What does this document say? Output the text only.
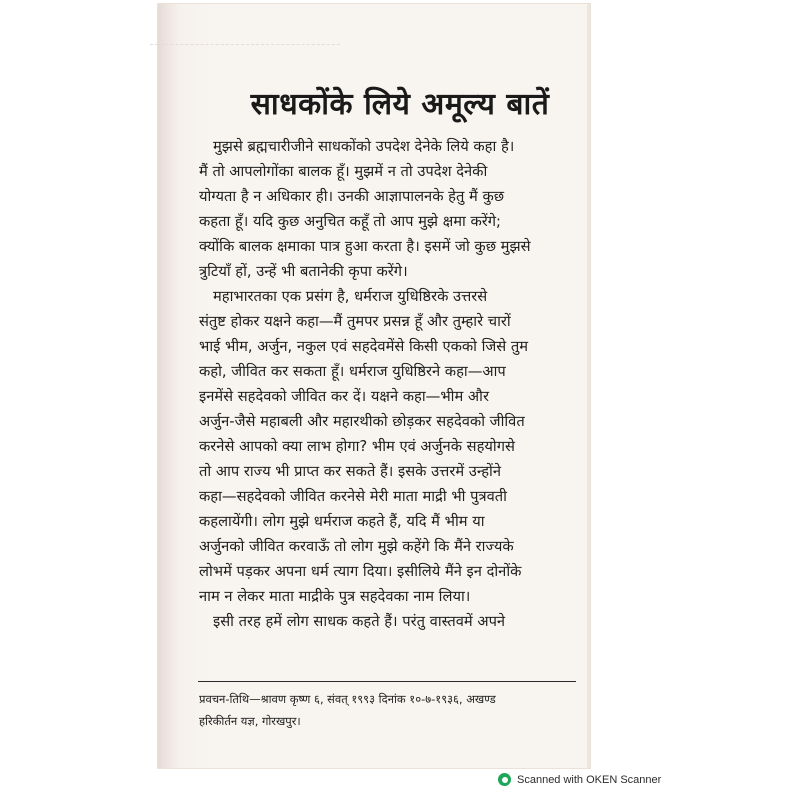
साधकोंके लिये अमूल्य बातें
मुझसे ब्रह्मचारीजीने साधकोंको उपदेश देनेके लिये कहा है।
मैं तो आपलोगोंका बालक हूँ। मुझमें न तो उपदेश देनेकी
योग्यता है न अधिकार ही। उनकी आज्ञापालनके हेतु मैं कुछ
कहता हूँ। यदि कुछ अनुचित कहूँ तो आप मुझे क्षमा करेंगे;
क्योंकि बालक क्षमाका पात्र हुआ करता है। इसमें जो कुछ मुझसे
त्रुटियाँ हों, उन्हें भी बतानेकी कृपा करेंगे।
महाभारतका एक प्रसंग है, धर्मराज युधिष्ठिरके उत्तरसे
संतुष्ट होकर यक्षने कहा—मैं तुमपर प्रसन्न हूँ और तुम्हारे चारों
भाई भीम, अर्जुन, नकुल एवं सहदेवमेंसे किसी एकको जिसे तुम
कहो, जीवित कर सकता हूँ। धर्मराज युधिष्ठिरने कहा—आप
इनमेंसे सहदेवको जीवित कर दें। यक्षने कहा—भीम और
अर्जुन-जैसे महाबली और महारथीको छोड़कर सहदेवको जीवित
करनेसे आपको क्या लाभ होगा? भीम एवं अर्जुनके सहयोगसे
तो आप राज्य भी प्राप्त कर सकते हैं। इसके उत्तरमें उन्होंने
कहा—सहदेवको जीवित करनेसे मेरी माता माद्री भी पुत्रवती
कहलायेंगी। लोग मुझे धर्मराज कहते हैं, यदि मैं भीम या
अर्जुनको जीवित करवाऊँ तो लोग मुझे कहेंगे कि मैंने राज्यके
लोभमें पड़कर अपना धर्म त्याग दिया। इसीलिये मैंने इन दोनोंके
नाम न लेकर माता माद्रीके पुत्र सहदेवका नाम लिया।
इसी तरह हमें लोग साधक कहते हैं। परंतु वास्तवमें अपने
प्रवचन-तिथि—श्रावण कृष्ण ६, संवत् १९९३ दिनांक १०-७-१९३६, अखण्ड
हरिकीर्तन यज्ञ, गोरखपुर।
Scanned with OKEN Scanner
